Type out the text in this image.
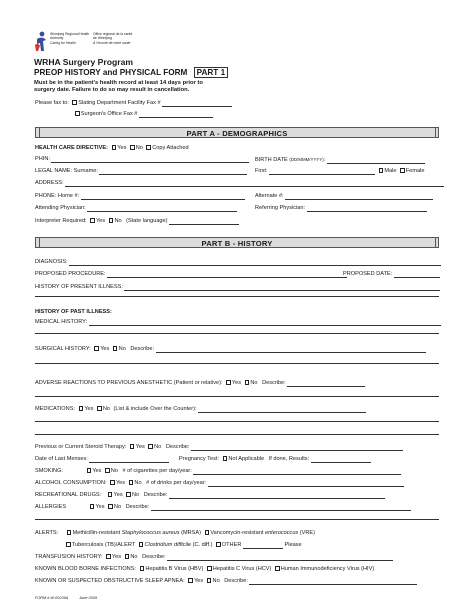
Winnipeg Regional Health Authority
Office régional de la santé de Winnipeg
Caring for Health	À l'écoute de notre santé
WRHA Surgery Program
PREOP HISTORY and PHYSICAL FORM PART 1
Must be in the patient's health record at least 14 days prior to
surgery date. Failure to do so may result in cancellation.
Please fax to: Slating Department Facility Fax #
Surgeon's Office Fax #
PART A - DEMOGRAPHICS
HEALTH CARE DIRECTIVE: Yes No Copy Attached
PHIN:	BIRTH DATE (DD/MMM/YYYY):
LEGAL NAME: Surname:	First:	Male Female
ADDRESS:
PHONE: Home #:	Alternate #:
Attending Physician:	Referring Physician:
Interpreter Required: Yes No (State language)
PART B - HISTORY
DIAGNOSIS:
PROPOSED PROCEDURE:	PROPOSED DATE:
HISTORY OF PRESENT ILLNESS:
HISTORY OF PAST ILLNESS:
MEDICAL HISTORY:
SURGICAL HISTORY: Yes No Describe:
ADVERSE REACTIONS TO PREVIOUS ANESTHETIC (Patient or relative): Yes No Describe:
MEDICATIONS: Yes No (List & include Over the Counter):
Previous or Current Steroid Therapy: Yes No Describe:
Date of Last Menses:	Pregnancy Test: Not Applicable If done, Results:
SMOKING:	Yes No # of cigarettes per day/year:
ALCOHOL CONSUMPTION: Yes No # of drinks per day/year:
RECREATIONAL DRUGS: Yes No Describe:
ALLERGIES	Yes No Describe:
ALERTS:	Methicillin-resistant Staphylococcus aureus (MRSA) Vancomycin-resistant enterococcus (VRE)
Tuberculosis (TB)/ALERT Clostridium difficile (C. diff.) OTHER	Please
TRANSFUSION HISTORY: Yes No Describe:
KNOWN BLOOD BORNE INFECTIONS: Hepatitis B Virus (HBV) Hepatitis C Virus (HCV) Human Immunodeficiency Virus (HIV)
KNOWN OR SUSPECTED OBSTRUCTIVE SLEEP APNEA: Yes No Describe:
FORM # W-00236A	June 2009
